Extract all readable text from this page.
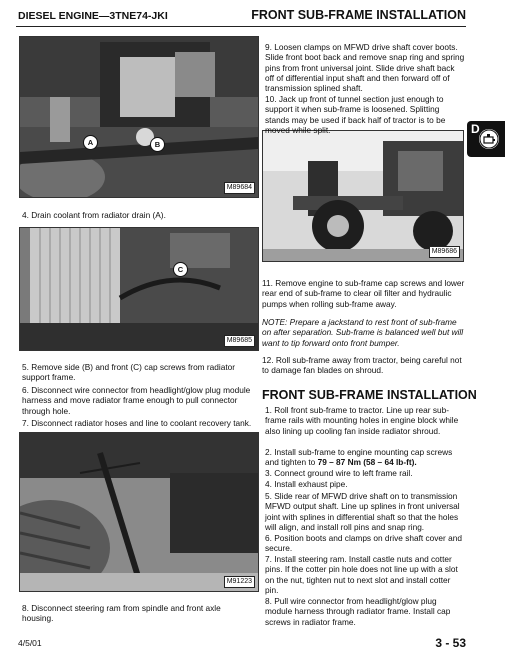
DIESEL ENGINE—3TNE74-JKI	FRONT SUB-FRAME INSTALLATION
M89684
A	B
M89686
D
M89685
C
M91223
9. Loosen clamps on MFWD drive shaft cover boots. Slide front boot back and remove snap ring and spring pins from front universal joint. Slide drive shaft back off of differential input shaft and then forward off of transmission splined shaft.
10. Jack up front of tunnel section just enough to support it when sub-frame is loosened. Splitting stands may be used if back half of tractor is to be moved while split.
4. Drain coolant from radiator drain (A).
5. Remove side (B) and front (C) cap screws from radiator support frame.
6. Disconnect wire connector from headlight/glow plug module harness and move radiator frame enough to pull connector through hole.
7. Disconnect radiator hoses and line to coolant recovery tank.
8. Disconnect steering ram from spindle and front axle housing.
11. Remove engine to sub-frame cap screws and lower rear end of sub-frame to clear oil filter and hydraulic pumps when rolling sub-frame away.
NOTE: Prepare a jackstand to rest front of sub-frame on after separation. Sub-frame is balanced well but will want to tip forward onto front bumper.
12. Roll sub-frame away from tractor, being careful not to damage fan blades on shroud.
FRONT SUB-FRAME INSTALLATION
1. Roll front sub-frame to tractor. Line up rear sub-frame rails with mounting holes in engine block while also lining up cooling fan inside radiator shroud.
2. Install sub-frame to engine mounting cap screws and tighten to 79 – 87 Nm (58 – 64 lb-ft).
3. Connect ground wire to left frame rail.
4. Install exhaust pipe.
5. Slide rear of MFWD drive shaft on to transmission MFWD output shaft. Line up splines in front universal joint with splines in differential shaft so that the holes will align, and install roll pins and snap ring.
6. Position boots and clamps on drive shaft cover and secure.
7. Install steering ram. Install castle nuts and cotter pins. If the cotter pin hole does not line up with a slot on the nut, tighten nut to next slot and install cotter pin.
8. Pull wire connector from headlight/glow plug module harness through radiator frame. Install cap screws in radiator frame.
4/5/01	3 - 53
